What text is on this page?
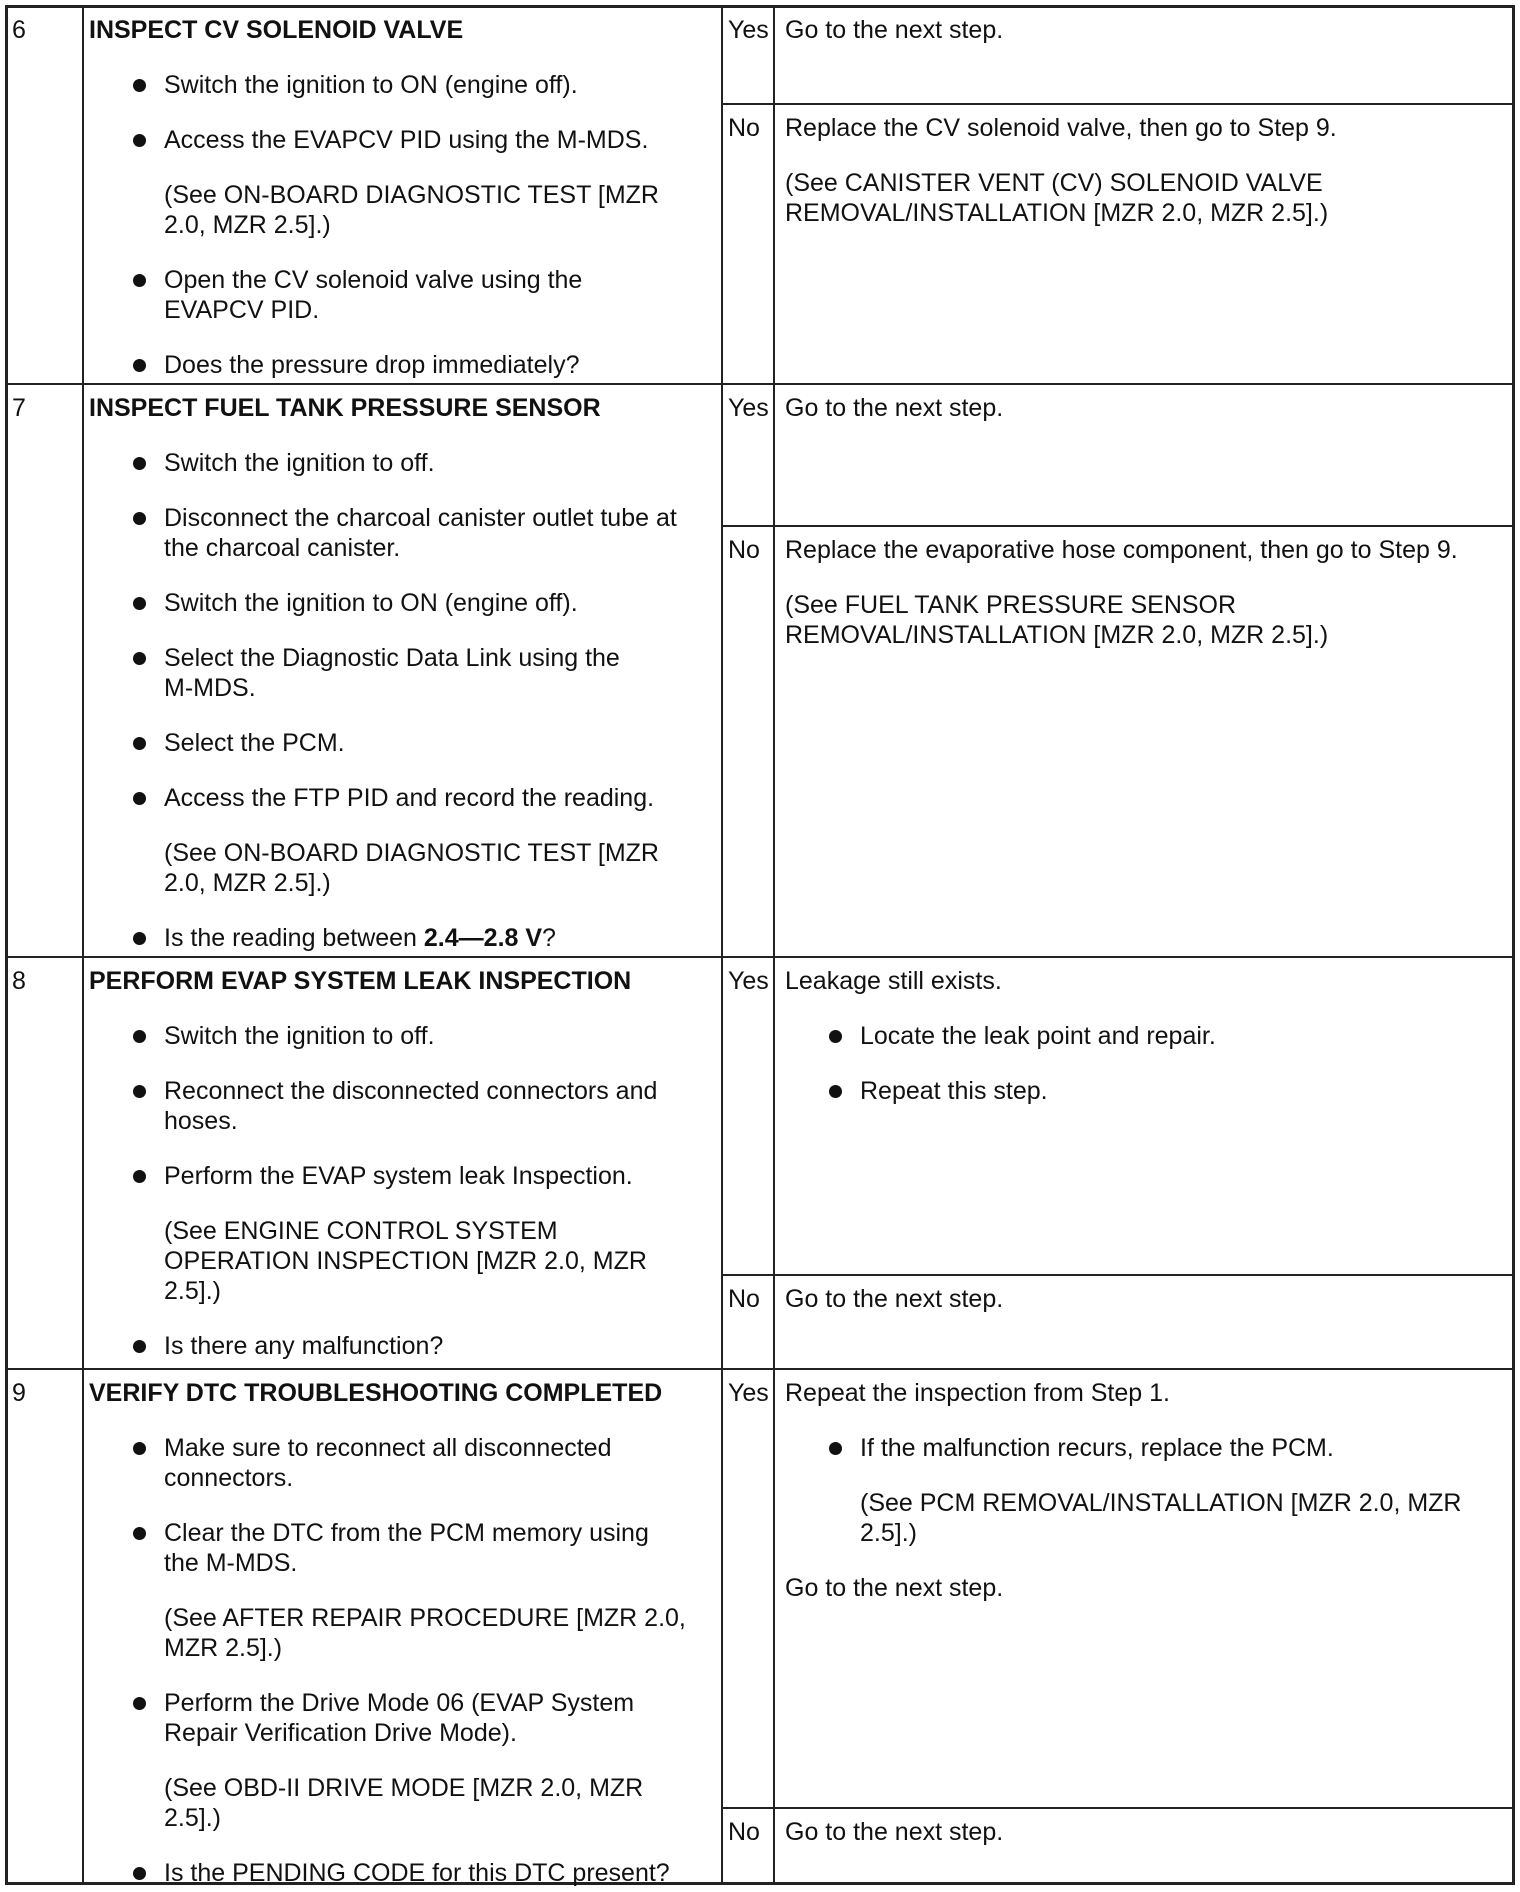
6	INSPECT CV SOLENOID VALVE
Switch the ignition to ON (engine off).
Access the EVAPCV PID using the M-MDS.
(See ON-BOARD DIAGNOSTIC TEST [MZR
2.0, MZR 2.5].)
Open the CV solenoid valve using the
EVAPCV PID.
Does the pressure drop immediately?
Yes Go to the next step.
No Replace the CV solenoid valve, then go to Step 9.
(See CANISTER VENT (CV) SOLENOID VALVE
REMOVAL/INSTALLATION [MZR 2.0, MZR 2.5].)
7	INSPECT FUEL TANK PRESSURE SENSOR
Switch the ignition to off.
Disconnect the charcoal canister outlet tube at
the charcoal canister.
Switch the ignition to ON (engine off).
Select the Diagnostic Data Link using the
M-MDS.
Select the PCM.
Access the FTP PID and record the reading.
(See ON-BOARD DIAGNOSTIC TEST [MZR
2.0, MZR 2.5].)
Is the reading between 2.4—2.8 V?
Yes Go to the next step.
No Replace the evaporative hose component, then go to Step 9.
(See FUEL TANK PRESSURE SENSOR
REMOVAL/INSTALLATION [MZR 2.0, MZR 2.5].)
8	PERFORM EVAP SYSTEM LEAK INSPECTION
Switch the ignition to off.
Reconnect the disconnected connectors and
hoses.
Perform the EVAP system leak Inspection.
(See ENGINE CONTROL SYSTEM
OPERATION INSPECTION [MZR 2.0, MZR
2.5].)
Is there any malfunction?
Yes Leakage still exists.
Locate the leak point and repair.
Repeat this step.
No Go to the next step.
9	VERIFY DTC TROUBLESHOOTING COMPLETED
Make sure to reconnect all disconnected
connectors.
Clear the DTC from the PCM memory using
the M-MDS.
(See AFTER REPAIR PROCEDURE [MZR 2.0,
MZR 2.5].)
Perform the Drive Mode 06 (EVAP System
Repair Verification Drive Mode).
(See OBD-II DRIVE MODE [MZR 2.0, MZR
2.5].)
Is the PENDING CODE for this DTC present?
Yes Repeat the inspection from Step 1.
If the malfunction recurs, replace the PCM.
(See PCM REMOVAL/INSTALLATION [MZR 2.0, MZR
2.5].)
Go to the next step.
No Go to the next step.
